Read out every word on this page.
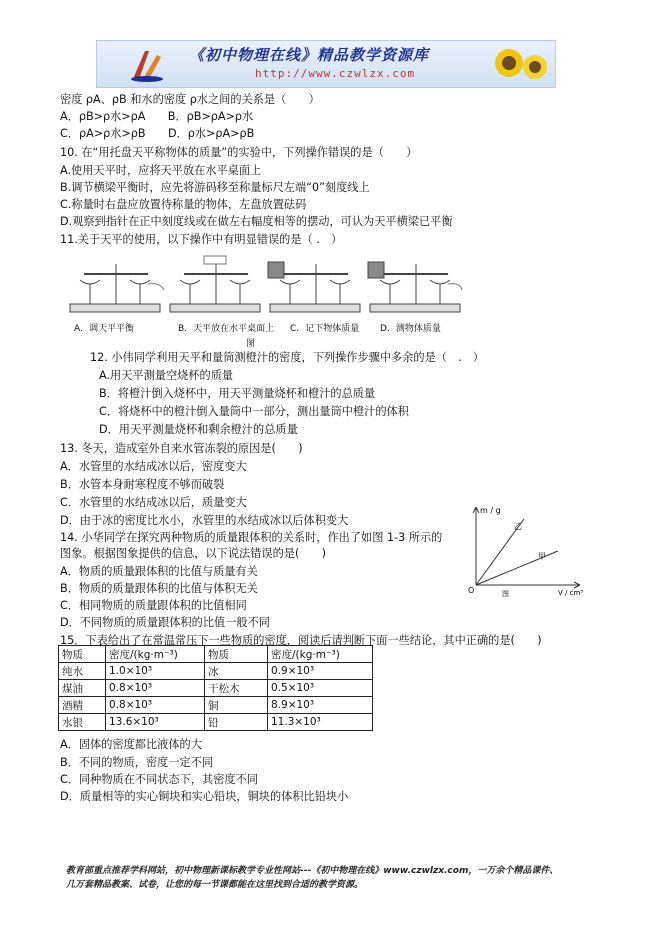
《初中物理在线》精品教学资源库
http://www.czwlzx.com
密度 ρA、ρB 和水的密度 ρ水之间的关系是（　　）
A．ρB>ρ水>ρA　　B．ρB>ρA>ρ水
C．ρA>ρ水>ρB　　D．ρ水>ρA>ρB
10. 在“用托盘天平称物体的质量”的实验中，下列操作错误的是（　　）
A.使用天平时，应将天平放在水平桌面上
B.调节横梁平衡时，应先将游码移至称量标尺左端“0”刻度线上
C.称量时右盘应放置待称量的物体，左盘放置砝码
D.观察到指针在正中刻度线或在做左右幅度相等的摆动，可认为天平横梁已平衡
11.关于天平的使用，以下操作中有明显错误的是（ .　）
A．调天平平衡	B．天平放在水平桌面上 C．记下物体质量 D．测物体质量
图
12. 小伟同学利用天平和量筒测橙汁的密度，下列操作步骤中多余的是（　.　）
A.用天平测量空烧杯的质量
B．将橙汁倒入烧杯中，用天平测量烧杯和橙汁的总质量
C．将烧杯中的橙汁倒入量筒中一部分，测出量筒中橙汁的体积
D．用天平测量烧杯和剩余橙汁的总质量
13. 冬天，造成室外自来水管冻裂的原因是(　　)
A．水管里的水结成冰以后，密度变大
B．水管本身耐寒程度不够而破裂
C．水管里的水结成冰以后，质量变大
D．由于冰的密度比水小，水管里的水结成冰以后体积变大
14. 小华同学在探究两种物质的质量跟体积的关系时，作出了如图 1-3 所示的
图象。根据图象提供的信息，以下说法错误的是(　　)
A．物质的质量跟体积的比值与质量有关
B．物质的质量跟体积的比值与体积无关
C．相同物质的质量跟体积的比值相同
D．不同物质的质量跟体积的比值一般不同
15．下表给出了在常温常压下一些物质的密度，阅读后请判断下面一些结论，其中正确的是(　　)
m / g
V / cm³
O
乙
甲
图
物质	密度/(kg·m⁻³)	物质	密度/(kg·m⁻³)
纯水	1.0×10³	冰	0.9×10³
煤油	0.8×10³	干松木	0.5×10³
酒精	0.8×10³	铜	8.9×10³
水银	13.6×10³	铅	11.3×10³
A．固体的密度都比液体的大
B．不同的物质，密度一定不同
C．同种物质在不同状态下，其密度不同
D．质量相等的实心铜块和实心铅块，铜块的体积比铅块小
教育部重点推荐学科网站，初中物理新课标教学专业性网站---《初中物理在线》www.czwlzx.com，一万余个精品课件、
几万套精品教案、试卷，让您的每一节课都能在这里找到合适的教学资源。
